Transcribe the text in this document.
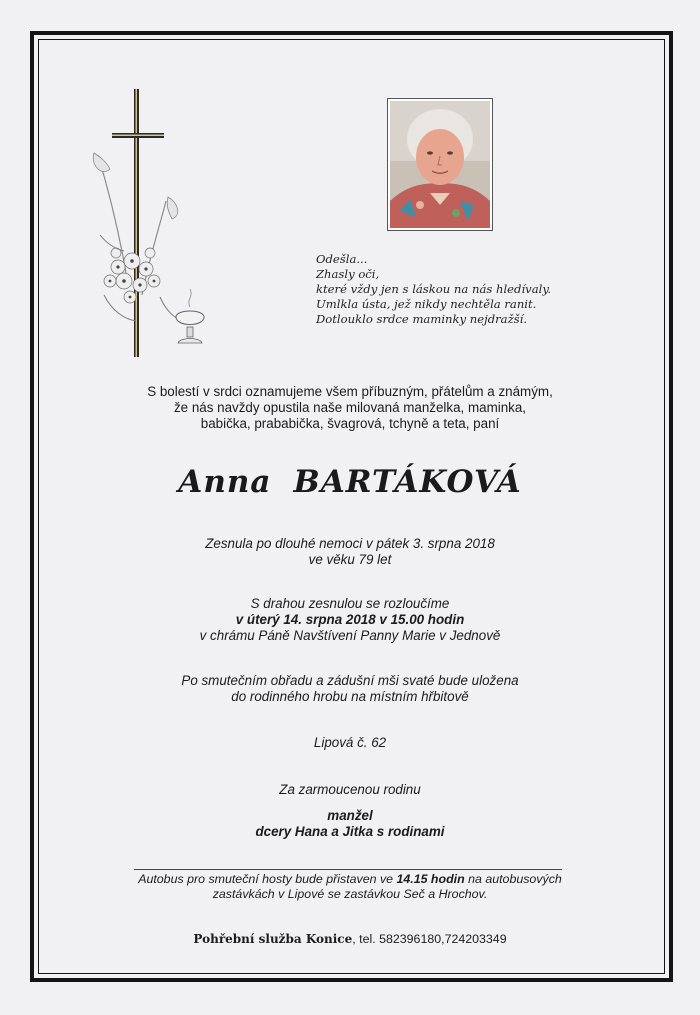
Odešla...
Zhasly oči,
které vždy jen s láskou na nás hledívaly.
Umlkla ústa, jež nikdy nechtěla ranit.
Dotlouklo srdce maminky nejdražší.
S bolestí v srdci oznamujeme všem příbuzným, přátelům a známým,
že nás navždy opustila naše milovaná manželka, maminka,
babička, prababička, švagrová, tchyně a teta, paní
Anna BARTÁKOVÁ
Zesnula po dlouhé nemoci v pátek 3. srpna 2018
ve věku 79 let
S drahou zesnulou se rozloučíme
v úterý 14. srpna 2018 v 15.00 hodin
v chrámu Páně Navštívení Panny Marie v Jednově
Po smutečním obřadu a zádušní mši svaté bude uložena
do rodinného hrobu na místním hřbitově
Lipová č. 62
Za zarmoucenou rodinu
manžel
dcery Hana a Jitka s rodinami
Autobus pro smuteční hosty bude přistaven ve 14.15 hodin na autobusových
zastávkách v Lipové se zastávkou Seč a Hrochov.
Pohřební služba Konice, tel. 582396180,724203349
